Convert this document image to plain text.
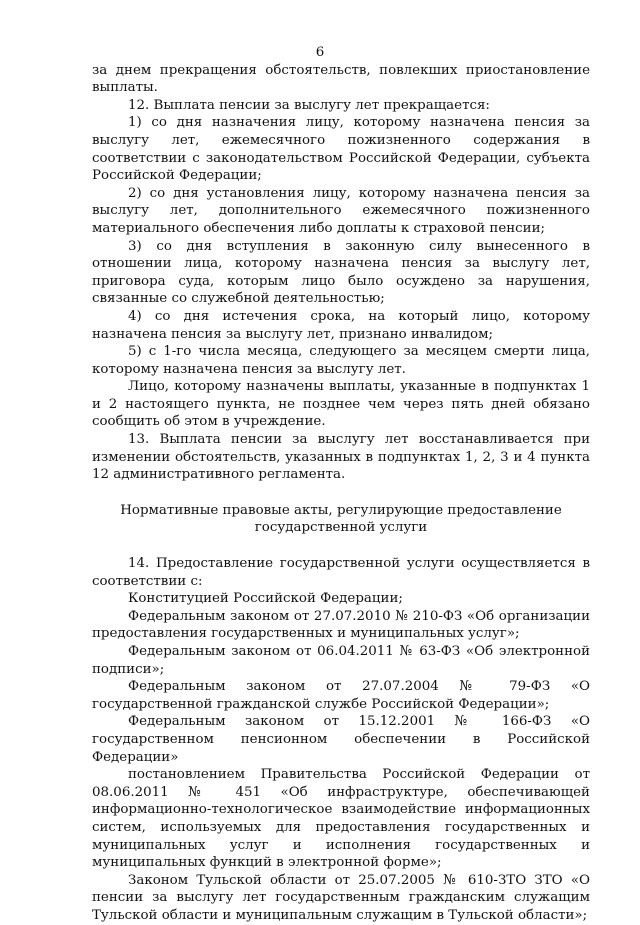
6

за днем прекращения обстоятельств, повлекших приостановление выплаты.

12. Выплата пенсии за выслугу лет прекращается:

1) со дня назначения лицу, которому назначена пенсия за выслугу лет, ежемесячного пожизненного содержания в соответствии с законодательством Российской Федерации, субъекта Российской Федерации;

2) со дня установления лицу, которому назначена пенсия за выслугу лет, дополнительного ежемесячного пожизненного материального обеспечения либо доплаты к страховой пенсии;

3) со дня вступления в законную силу вынесенного в отношении лица, которому назначена пенсия за выслугу лет, приговора суда, которым лицо было осуждено за нарушения, связанные со служебной деятельностью;

4) со дня истечения срока, на который лицо, которому назначена пенсия за выслугу лет, признано инвалидом;

5) с 1-го числа месяца, следующего за месяцем смерти лица, которому назначена пенсия за выслугу лет.

Лицо, которому назначены выплаты, указанные в подпунктах 1 и 2 настоящего пункта, не позднее чем через пять дней обязано сообщить об этом в учреждение.

13. Выплата пенсии за выслугу лет восстанавливается при изменении обстоятельств, указанных в подпунктах 1, 2, 3 и 4 пункта 12 административного регламента.

Нормативные правовые акты, регулирующие предоставление
государственной услуги

14. Предоставление государственной услуги осуществляется в соответствии с:

Конституцией Российской Федерации;

Федеральным законом от 27.07.2010 № 210-ФЗ «Об организации предоставления государственных и муниципальных услуг»;

Федеральным законом от 06.04.2011 № 63-ФЗ «Об электронной подписи»;

Федеральным законом от 27.07.2004 № 79-ФЗ «О государственной гражданской службе Российской Федерации»;

Федеральным законом от 15.12.2001 № 166-ФЗ «О государственном пенсионном обеспечении в Российской Федерации»

постановлением Правительства Российской Федерации от 08.06.2011 № 451 «Об инфраструктуре, обеспечивающей информационно-технологическое взаимодействие информационных систем, используемых для предоставления государственных и муниципальных услуг и исполнения государственных и муниципальных функций в электронной форме»;

Законом Тульской области от 25.07.2005 № 610-ЗТО ЗТО «О пенсии за выслугу лет государственным гражданским служащим Тульской области и муниципальным служащим в Тульской области»;
